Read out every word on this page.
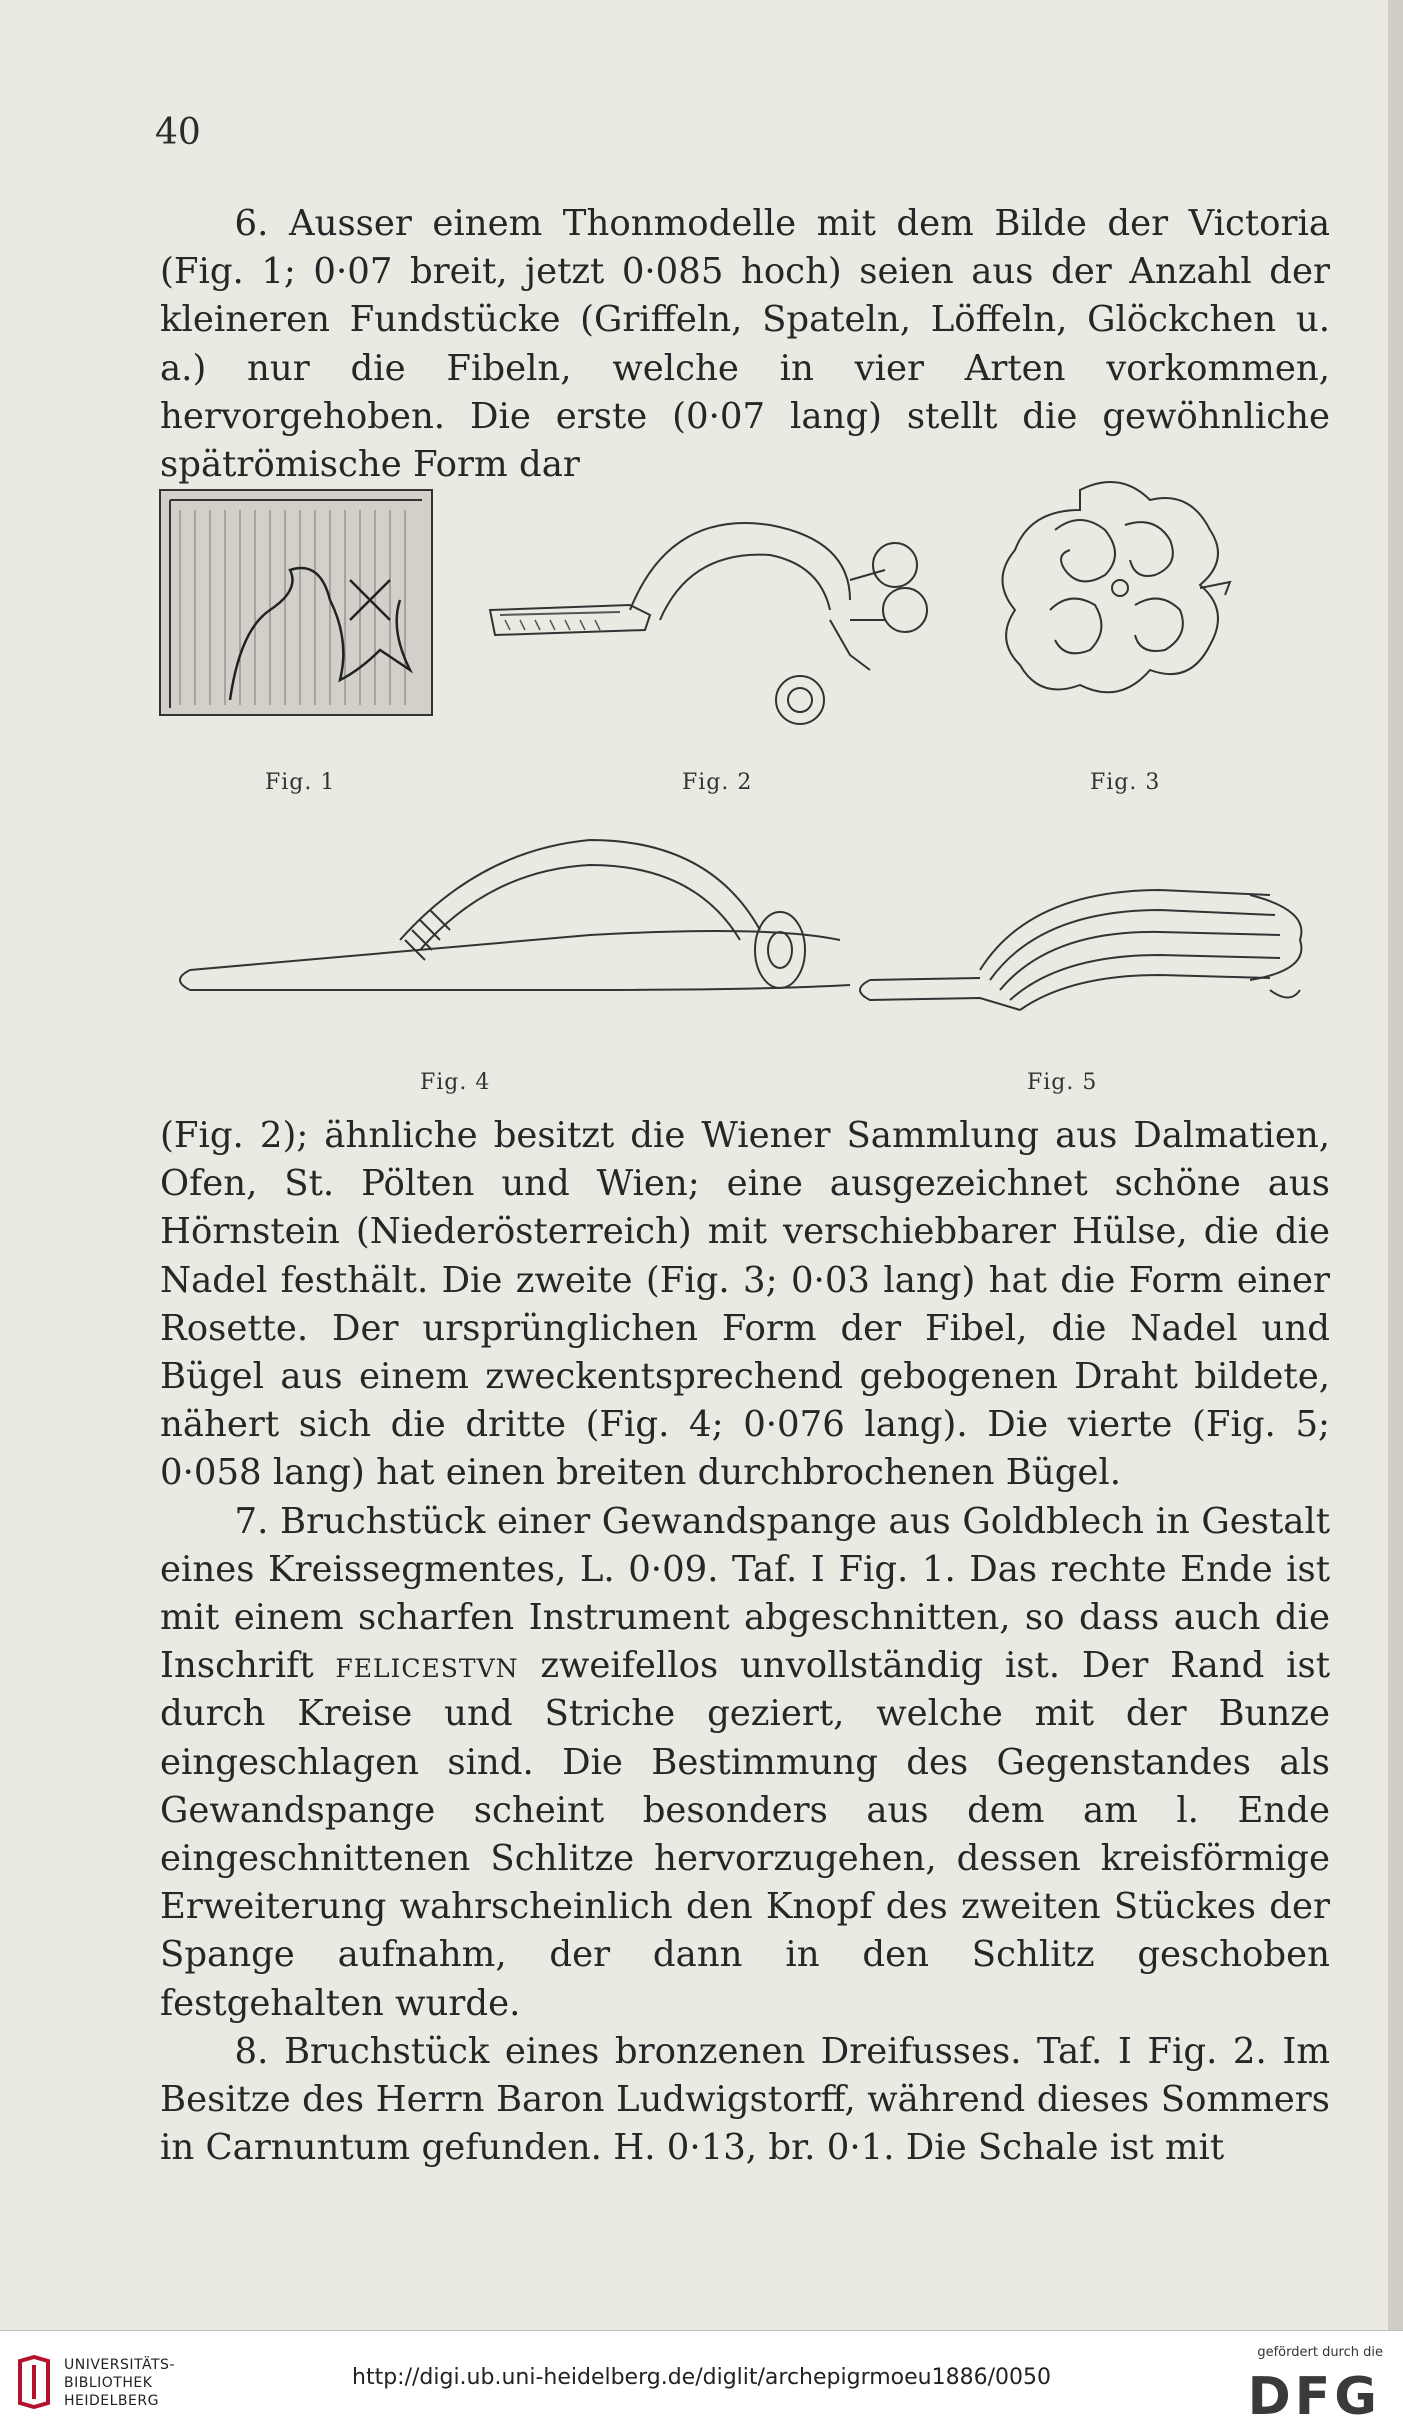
40

6. Ausser einem Thonmodelle mit dem Bilde der Victoria (Fig. 1; 0·07 breit, jetzt 0·085 hoch) seien aus der Anzahl der kleineren Fundstücke (Griffeln, Spateln, Löffeln, Glöckchen u. a.) nur die Fibeln, welche in vier Arten vorkommen, hervorgehoben. Die erste (0·07 lang) stellt die gewöhnliche spätrömische Form dar

Fig. 1	Fig. 2	Fig. 3
Fig. 4	Fig. 5

(Fig. 2); ähnliche besitzt die Wiener Sammlung aus Dalmatien, Ofen, St. Pölten und Wien; eine ausgezeichnet schöne aus Hörnstein (Niederösterreich) mit verschiebbarer Hülse, die die Nadel festhält. Die zweite (Fig. 3; 0·03 lang) hat die Form einer Rosette. Der ursprünglichen Form der Fibel, die Nadel und Bügel aus einem zweckentsprechend gebogenen Draht bildete, nähert sich die dritte (Fig. 4; 0·076 lang). Die vierte (Fig. 5; 0·058 lang) hat einen breiten durchbrochenen Bügel.

7. Bruchstück einer Gewandspange aus Goldblech in Gestalt eines Kreissegmentes, L. 0·09. Taf. I Fig. 1. Das rechte Ende ist mit einem scharfen Instrument abgeschnitten, so dass auch die Inschrift felicestvn zweifellos unvollständig ist. Der Rand ist durch Kreise und Striche geziert, welche mit der Bunze eingeschlagen sind. Die Bestimmung des Gegenstandes als Gewandspange scheint besonders aus dem am l. Ende eingeschnittenen Schlitze hervorzugehen, dessen kreisförmige Erweiterung wahrscheinlich den Knopf des zweiten Stückes der Spange aufnahm, der dann in den Schlitz geschoben festgehalten wurde.

8. Bruchstück eines bronzenen Dreifusses. Taf. I Fig. 2. Im Besitze des Herrn Baron Ludwigstorff, während dieses Sommers in Carnuntum gefunden. H. 0·13, br. 0·1. Die Schale ist mit

UNIVERSITÄTS-
BIBLIOTHEK
HEIDELBERG
http://digi.ub.uni-heidelberg.de/diglit/archepigrmoeu1886/0050
gefördert durch die
DFG
